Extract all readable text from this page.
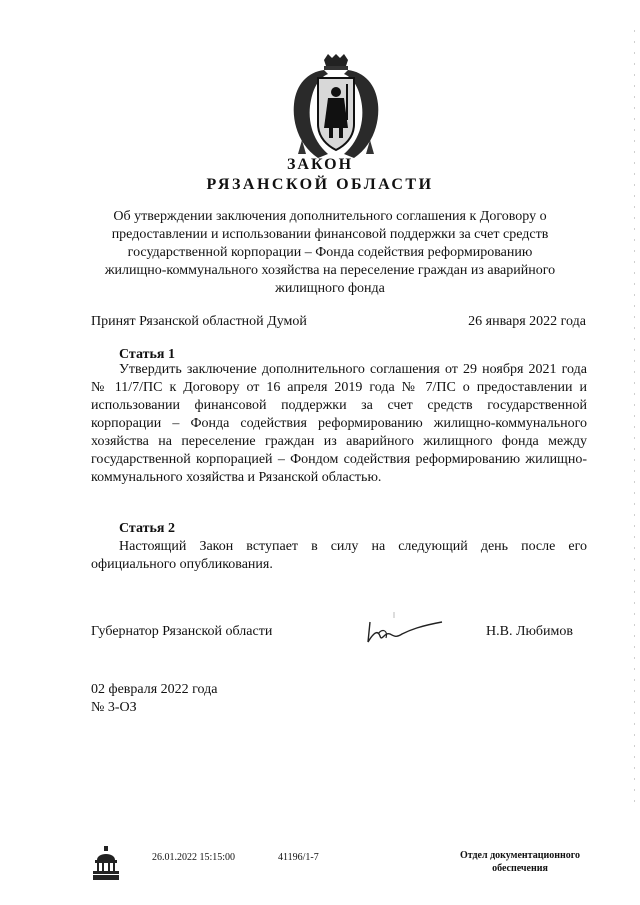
ЗАКОН
РЯЗАНСКОЙ ОБЛАСТИ
Об утверждении заключения дополнительного соглашения к Договору о предоставлении и использовании финансовой поддержки за счет средств государственной корпорации – Фонда содействия реформированию жилищно-коммунального хозяйства на переселение граждан из аварийного жилищного фонда
Принят Рязанской областной Думой	26 января 2022 года
Статья 1

Утвердить заключение дополнительного соглашения от 29 ноября 2021 года № 11/7/ПС к Договору от 16 апреля 2019 года № 7/ПС о предоставлении и использовании финансовой поддержки за счет средств государственной корпорации – Фонда содействия реформированию жилищно-коммунального хозяйства на переселение граждан из аварийного жилищного фонда между государственной корпорацией – Фондом содействия реформированию жилищно-коммунального хозяйства и Рязанской областью.

Статья 2

Настоящий Закон вступает в силу на следующий день после его официального опубликования.

Губернатор Рязанской области	Н.В. Любимов
02 февраля 2022 года
№ 3-ОЗ
26.01.2022 15:15:00	41196/1-7	Отдел документационного
обеспечения
